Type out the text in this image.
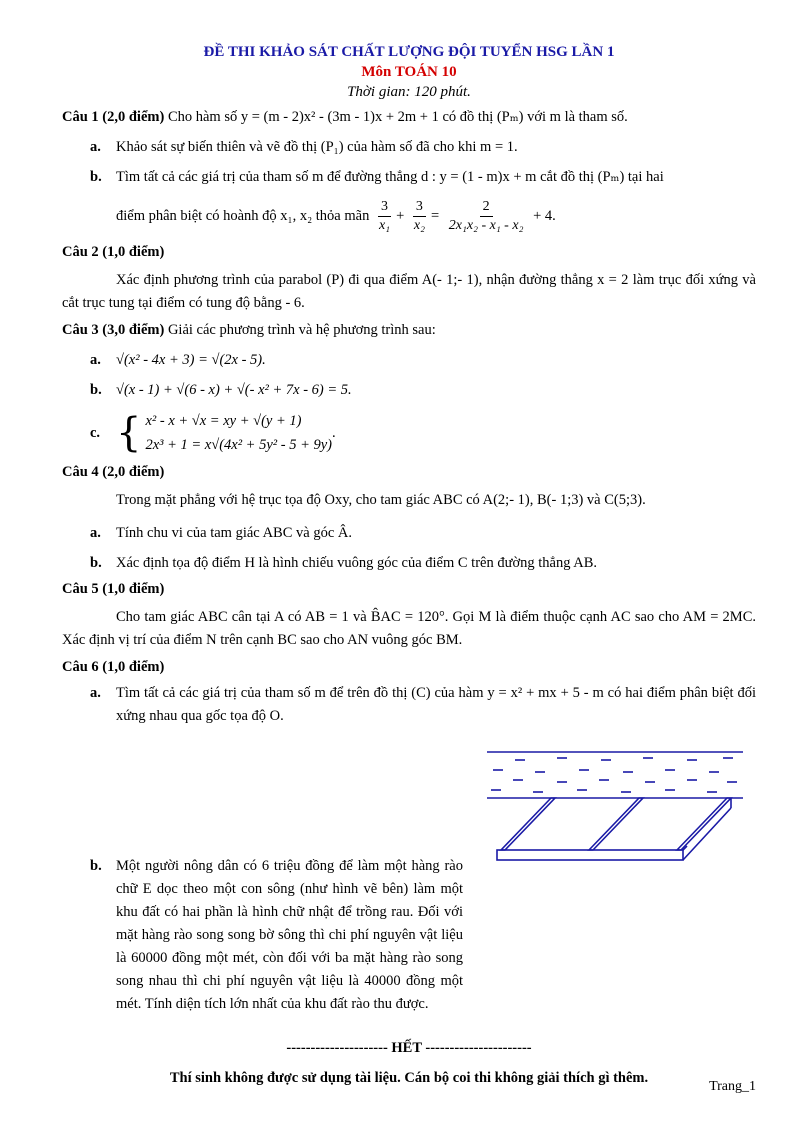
ĐỀ THI KHẢO SÁT CHẤT LƯỢNG ĐỘI TUYỂN HSG LẦN 1
Môn TOÁN 10
Thời gian: 120 phút.
Câu 1 (2,0 điểm) Cho hàm số y = (m - 2)x² - (3m - 1)x + 2m + 1 có đồ thị (Pₘ) với m là tham số.
a.	Khảo sát sự biến thiên và vẽ đồ thị (P₁) của hàm số đã cho khi m = 1.
b. Tìm tất cả các giá trị của tham số m để đường thẳng d : y = (1 - m)x + m cắt đồ thị (Pₘ) tại hai
điểm phân biệt có hoành độ x₁, x₂ thỏa mãn $\frac{3}{\text{x₁}} + \frac{3}{\text{x₂}} = \frac{2}{\text{2x₁x₂ - x₁ - x₂}} + 4$.
Câu 2 (1,0 điểm)
Xác định phương trình của parabol (P) đi qua điểm A(- 1;- 1), nhận đường thẳng x = 2 làm trục đối xứng và cắt trục tung tại điểm có tung độ bằng - 6.
Câu 3 (3,0 điểm) Giải các phương trình và hệ phương trình sau:
a.	√(x² - 4x + 3) = √(2x - 5).
b. √(x - 1) + √(6 - x) + √(- x² + 7x - 6) = 5.
c. { x² - x + √x = xy + √(y + 1)
2x³ + 1 = x√(4x² + 5y² - 5 + 9y)
.
Câu 4 (2,0 điểm)
Trong mặt phẳng với hệ trục tọa độ Oxy, cho tam giác ABC có A(2;- 1), B(- 1;3) và C(5;3).
a.	Tính chu vi của tam giác ABC và góc Â.
b. Xác định tọa độ điểm H là hình chiếu vuông góc của điểm C trên đường thẳng AB.
Câu 5 (1,0 điểm)
Cho tam giác ABC cân tại A có AB = 1 và B̂AC = 120°. Gọi M là điểm thuộc cạnh AC sao cho AM = 2MC. Xác định vị trí của điểm N trên cạnh BC sao cho AN vuông góc BM.
Câu 6 (1,0 điểm)
a.	Tìm tất cả các giá trị của tham số m để trên đồ thị (C) của hàm y = x² + mx + 5 - m có hai điểm phân biệt đối xứng nhau qua gốc tọa độ O.
b. Một người nông dân có 6 triệu đồng để làm một hàng rào chữ E dọc theo một con sông (như hình vẽ bên) làm một khu đất có hai phần là hình chữ nhật để trồng rau. Đối với mặt hàng rào song song bờ sông thì chi phí nguyên vật liệu là 60000 đồng một mét, còn đối với ba mặt hàng rào song song nhau thì chi phí nguyên vật liệu là 40000 đồng một mét. Tính diện tích lớn nhất của khu đất rào thu được.
--------------------- HẾT ----------------------
Thí sinh không được sử dụng tài liệu. Cán bộ coi thi không giải thích gì thêm.
Trang_1
